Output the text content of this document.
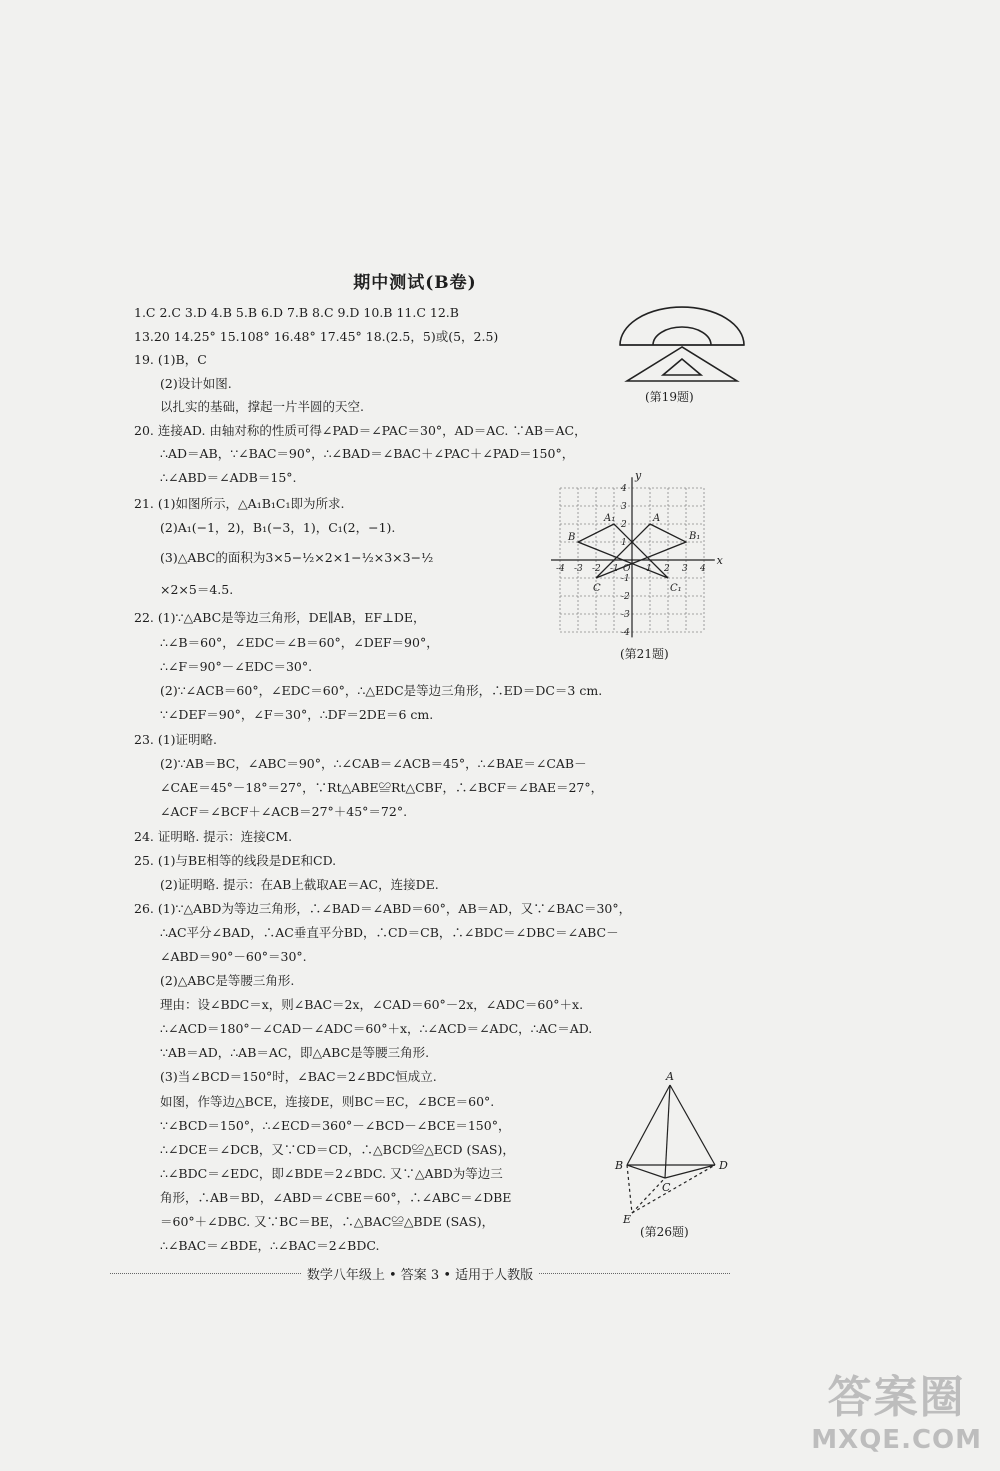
期中测试(B卷)
1.C 2.C 3.D 4.B 5.B 6.D 7.B 8.C 9.D 10.B 11.C 12.B
13.20 14.25° 15.108° 16.48° 17.45° 18.(2.5，5)或(5，2.5)
19. (1)B，C
(2)设计如图.
以扎实的基础，撑起一片半圆的天空.
20. 连接AD. 由轴对称的性质可得∠PAD＝∠PAC＝30°，AD＝AC. ∵AB＝AC，
∴AD＝AB，∵∠BAC＝90°，∴∠BAD＝∠BAC＋∠PAC＋∠PAD＝150°，
∴∠ABD＝∠ADB＝15°.
21. (1)如图所示，△A₁B₁C₁即为所求.
(2)A₁(−1，2)，B₁(−3，1)，C₁(2，−1).
(3)△ABC的面积为3×5−½×2×1−½×3×3−½
×2×5＝4.5.
22. (1)∵△ABC是等边三角形，DE∥AB，EF⊥DE，
∴∠B＝60°，∠EDC＝∠B＝60°，∠DEF＝90°，
∴∠F＝90°－∠EDC＝30°.
(2)∵∠ACB＝60°，∠EDC＝60°，∴△EDC是等边三角形，∴ED＝DC＝3 cm.
∵∠DEF＝90°，∠F＝30°，∴DF＝2DE＝6 cm.
23. (1)证明略.
(2)∵AB＝BC，∠ABC＝90°，∴∠CAB＝∠ACB＝45°，∴∠BAE＝∠CAB－
∠CAE＝45°－18°＝27°，∵Rt△ABE≌Rt△CBF，∴∠BCF＝∠BAE＝27°，
∠ACF＝∠BCF＋∠ACB＝27°＋45°＝72°.
24. 证明略. 提示：连接CM.
25. (1)与BE相等的线段是DE和CD.
(2)证明略. 提示：在AB上截取AE＝AC，连接DE.
26. (1)∵△ABD为等边三角形，∴∠BAD＝∠ABD＝60°，AB＝AD，又∵∠BAC＝30°，
∴AC平分∠BAD，∴AC垂直平分BD，∴CD＝CB，∴∠BDC＝∠DBC＝∠ABC－
∠ABD＝90°－60°＝30°.
(2)△ABC是等腰三角形.
理由：设∠BDC＝x，则∠BAC＝2x，∠CAD＝60°－2x，∠ADC＝60°＋x.
∴∠ACD＝180°－∠CAD－∠ADC＝60°＋x，∴∠ACD＝∠ADC，∴AC＝AD.
∵AB＝AD，∴AB＝AC，即△ABC是等腰三角形.
(3)当∠BCD＝150°时，∠BAC＝2∠BDC恒成立.
如图，作等边△BCE，连接DE，则BC＝EC，∠BCE＝60°.
∵∠BCD＝150°，∴∠ECD＝360°－∠BCD－∠BCE＝150°，
∴∠DCE＝∠DCB，又∵CD＝CD，∴△BCD≌△ECD (SAS)，
∴∠BDC＝∠EDC，即∠BDE＝2∠BDC. 又∵△ABD为等边三
角形，∴AB＝BD，∠ABD＝∠CBE＝60°，∴∠ABC＝∠DBE
＝60°＋∠DBC. 又∵BC＝BE，∴△BAC≌△BDE (SAS)，
∴∠BAC＝∠BDE，∴∠BAC＝2∠BDC.
(第19题)
x
y
-4 -3 -2 -1 O 1 2 3 4
4
3
2
1
-1
-2
-3
-4
A₁	A
B	B₁
C	C₁
(第21题)
A
B
C
D
E
(第26题)
数学八年级上 • 答案 3 • 适用于人教版
答案圈
MXQE.COM
